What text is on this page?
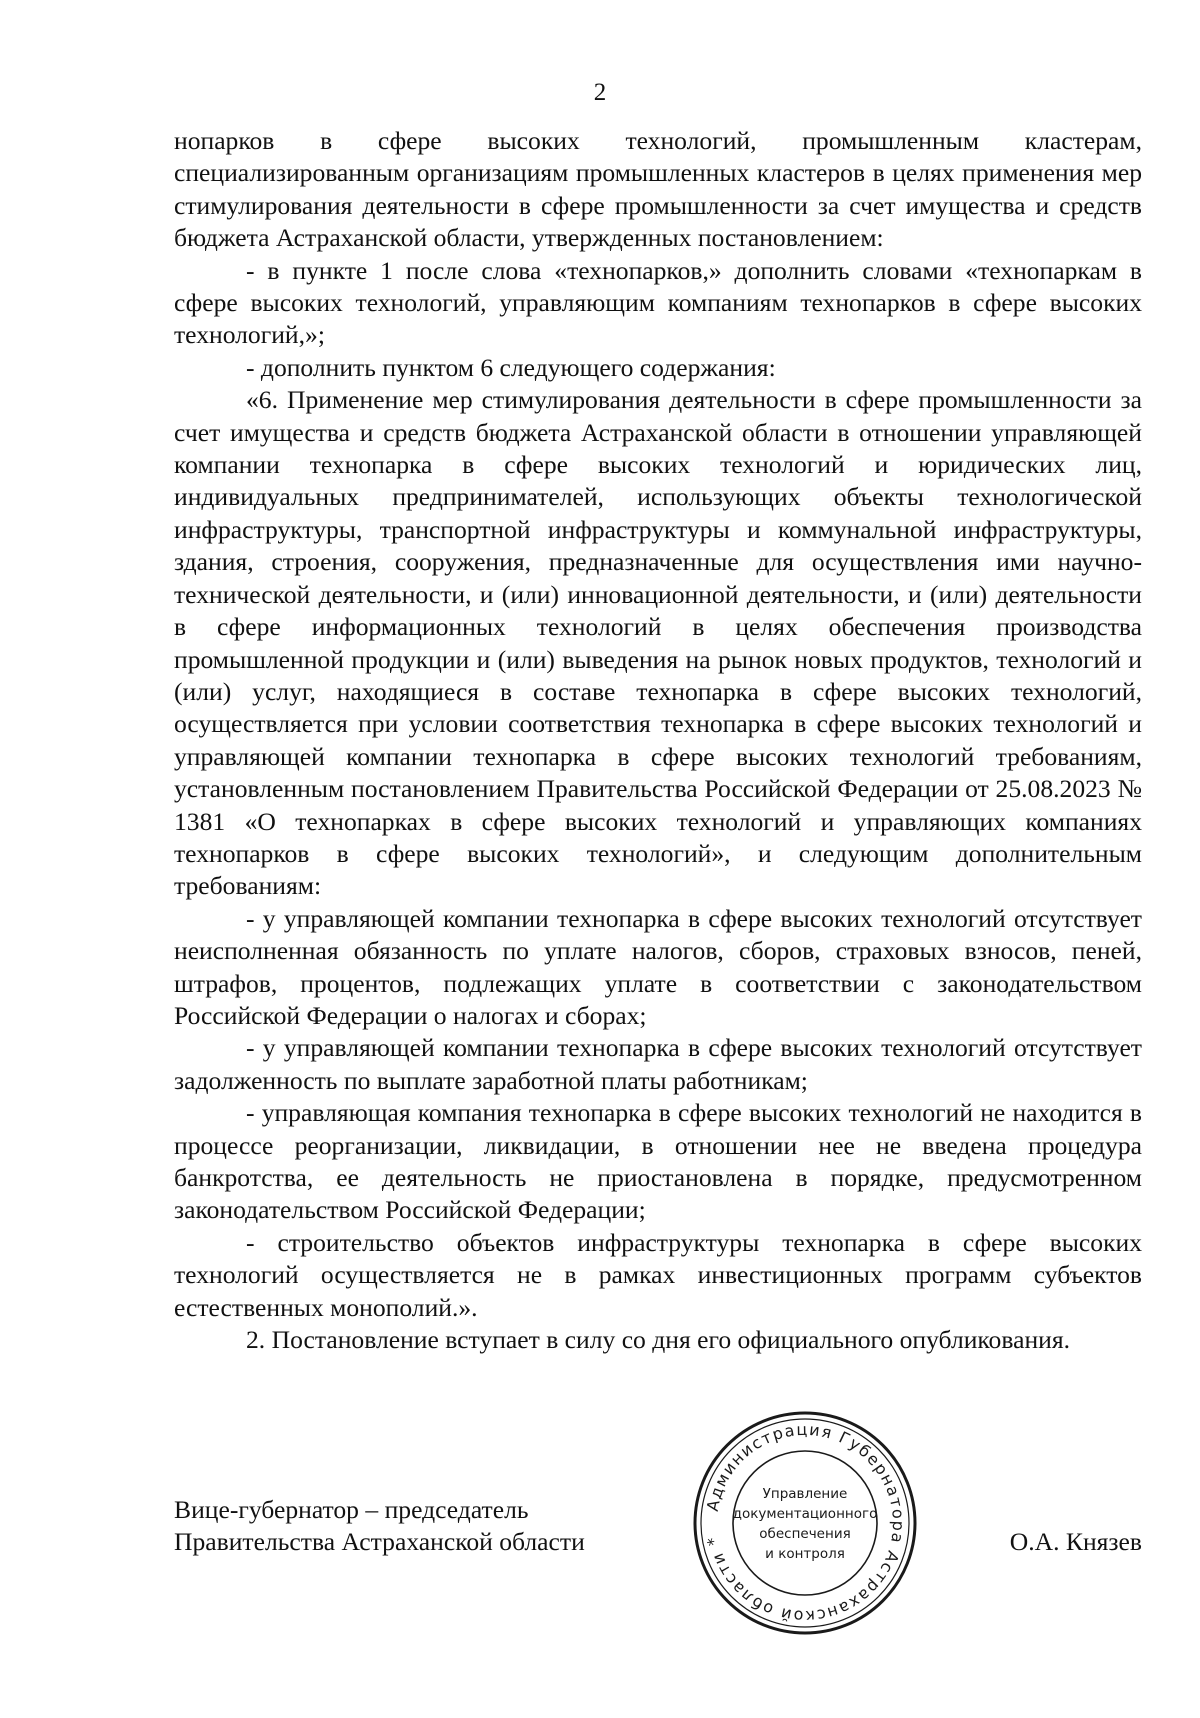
2

нопарков в сфере высоких технологий, промышленным кластерам, специализированным организациям промышленных кластеров в целях применения мер стимулирования деятельности в сфере промышленности за счет имущества и средств бюджета Астраханской области, утвержденных постановлением:

- в пункте 1 после слова «технопарков,» дополнить словами «технопаркам в сфере высоких технологий, управляющим компаниям технопарков в сфере высоких технологий,»;

- дополнить пунктом 6 следующего содержания:

«6. Применение мер стимулирования деятельности в сфере промышленности за счет имущества и средств бюджета Астраханской области в отношении управляющей компании технопарка в сфере высоких технологий и юридических лиц, индивидуальных предпринимателей, использующих объекты технологической инфраструктуры, транспортной инфраструктуры и коммунальной инфраструктуры, здания, строения, сооружения, предназначенные для осуществления ими научно-технической деятельности, и (или) инновационной деятельности, и (или) деятельности в сфере информационных технологий в целях обеспечения производства промышленной продукции и (или) выведения на рынок новых продуктов, технологий и (или) услуг, находящиеся в составе технопарка в сфере высоких технологий, осуществляется при условии соответствия технопарка в сфере высоких технологий и управляющей компании технопарка в сфере высоких технологий требованиям, установленным постановлением Правительства Российской Федерации от 25.08.2023 № 1381 «О технопарках в сфере высоких технологий и управляющих компаниях технопарков в сфере высоких технологий», и следующим дополнительным требованиям:

- у управляющей компании технопарка в сфере высоких технологий отсутствует неисполненная обязанность по уплате налогов, сборов, страховых взносов, пеней, штрафов, процентов, подлежащих уплате в соответствии с законодательством Российской Федерации о налогах и сборах;

- у управляющей компании технопарка в сфере высоких технологий отсутствует задолженность по выплате заработной платы работникам;

- управляющая компания технопарка в сфере высоких технологий не находится в процессе реорганизации, ликвидации, в отношении нее не введена процедура банкротства, ее деятельность не приостановлена в порядке, предусмотренном законодательством Российской Федерации;

- строительство объектов инфраструктуры технопарка в сфере высоких технологий осуществляется не в рамках инвестиционных программ субъектов естественных монополий.».

2. Постановление вступает в силу со дня его официального опубликования.

Вице-губернатор – председатель
Правительства Астраханской области
Администрация Губернатора Астраханской области *
Управление
документационного
обеспечения
и контроля	О.А. Князев
